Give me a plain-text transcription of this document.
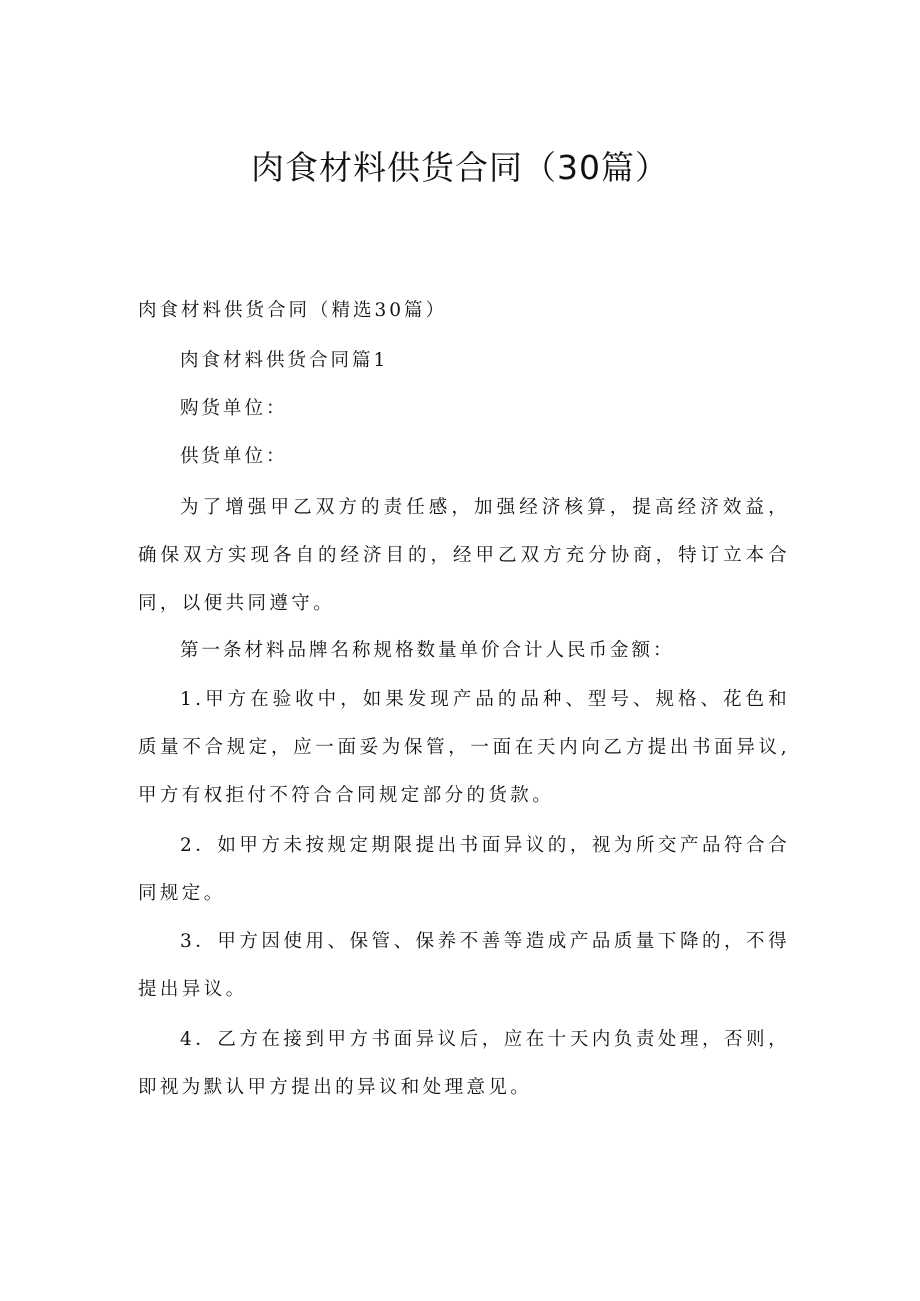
肉食材料供货合同（30篇）
肉食材料供货合同（精选30篇）
肉食材料供货合同篇1
购货单位：
供货单位：

为了增强甲乙双方的责任感，加强经济核算，提高经济效益，确保双方实现各自的经济目的，经甲乙双方充分协商，特订立本合同，以便共同遵守。

第一条材料品牌名称规格数量单价合计人民币金额：

1.甲方在验收中，如果发现产品的品种、型号、规格、花色和质量不合规定，应一面妥为保管，一面在天内向乙方提出书面异议,甲方有权拒付不符合合同规定部分的货款。

2．如甲方未按规定期限提出书面异议的，视为所交产品符合合同规定。

3．甲方因使用、保管、保养不善等造成产品质量下降的，不得提出异议。

4．乙方在接到甲方书面异议后，应在十天内负责处理，否则，即视为默认甲方提出的异议和处理意见。
